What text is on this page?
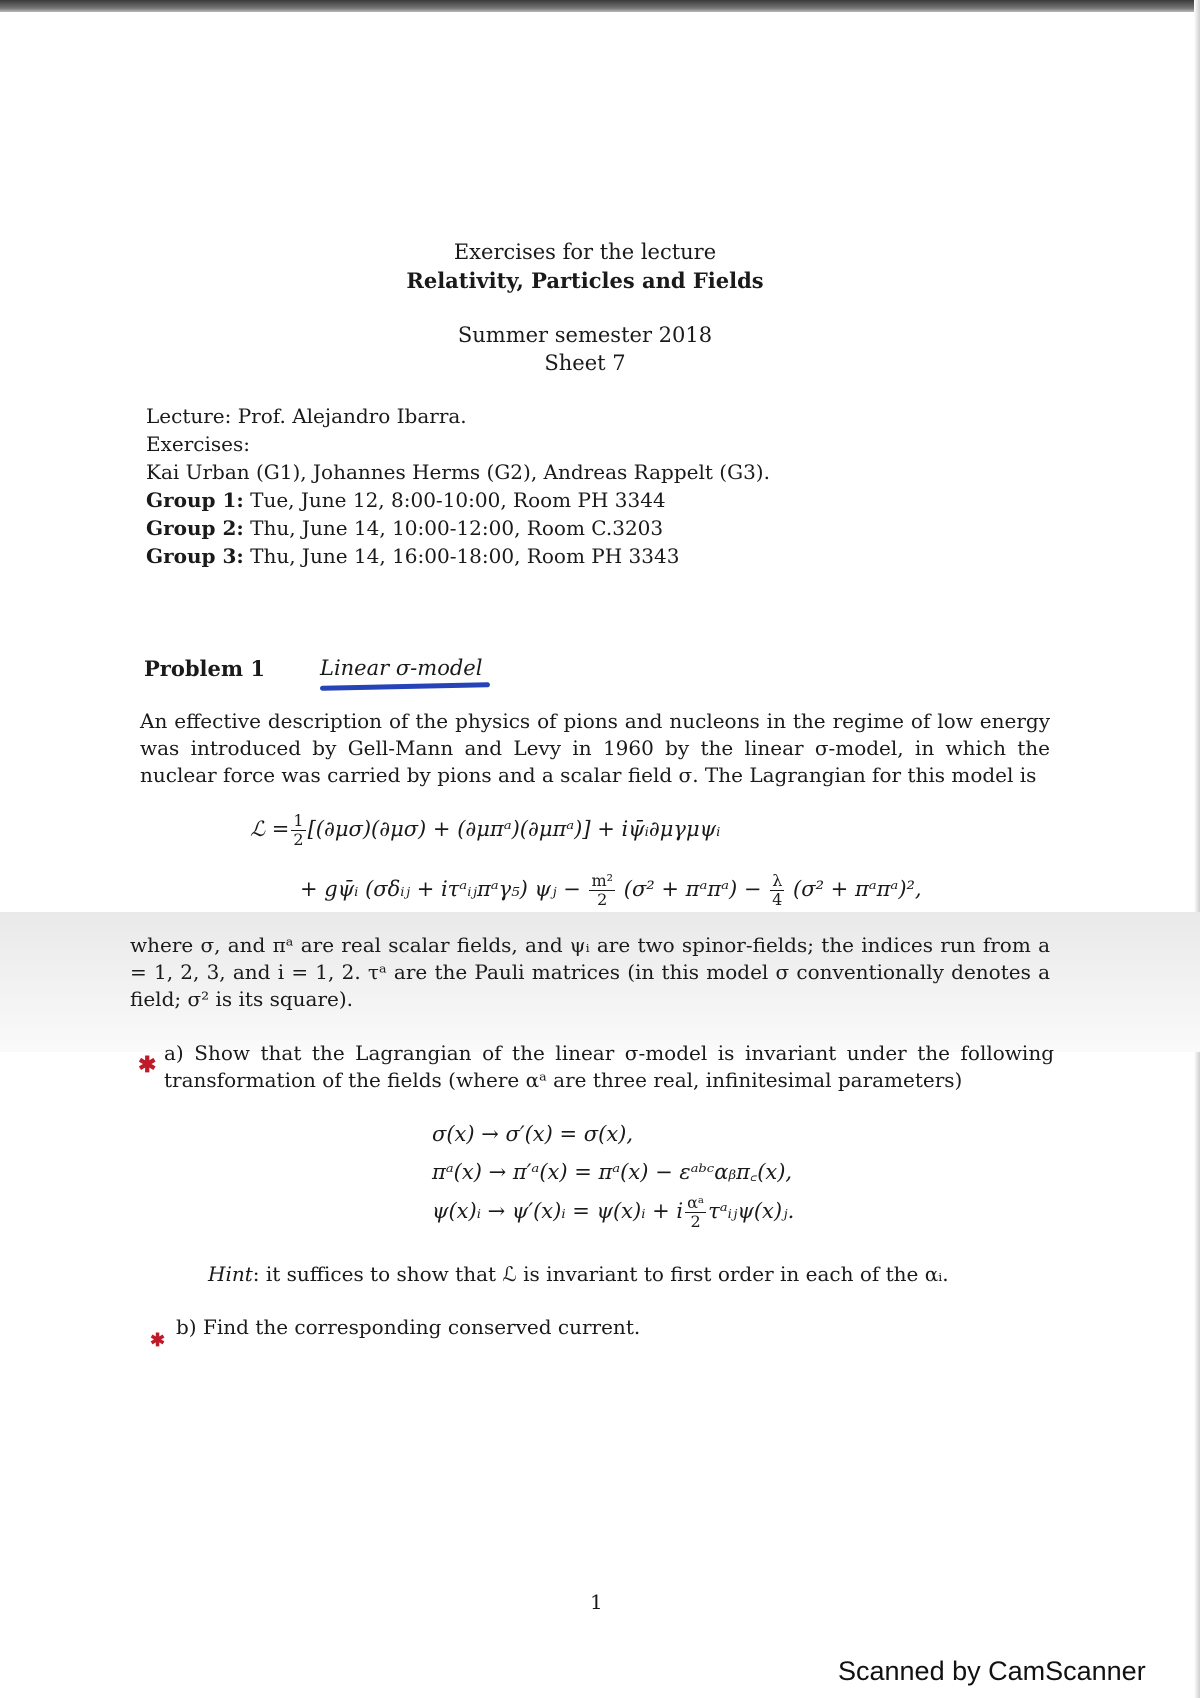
Exercises for the lecture
Relativity, Particles and Fields
Summer semester 2018
Sheet 7
Lecture: Prof. Alejandro Ibarra.
Exercises:
Kai Urban (G1), Johannes Herms (G2), Andreas Rappelt (G3).
Group 1: Tue, June 12, 8:00-10:00, Room PH 3344
Group 2: Thu, June 14, 10:00-12:00, Room C.3203
Group 3: Thu, June 14, 16:00-18:00, Room PH 3343
Problem 1	Linear σ-model
An effective description of the physics of pions and nucleons in the regime of low energy was introduced by Gell-Mann and Levy in 1960 by the linear σ-model, in which the nuclear force was carried by pions and a scalar field σ. The Lagrangian for this model is
ℒ = $\frac{1}{2} [(\partial\mu\sigma)(\partial\mu\sigma)$ + (∂μπᵃ)(∂μπᵃ)] + iψ̄ᵢ∂μγμψᵢ
+ gψ̄ᵢ (σδᵢⱼ + iτᵃᵢⱼπᵃγ₅) ψⱼ − $\frac{\text{m²}}{2} (\sigma^2$ + πᵃπᵃ) − $\frac{\lambda}{4} (\sigma^2$ + πᵃπᵃ)²,
where σ, and πᵃ are real scalar fields, and ψᵢ are two spinor-fields; the indices run from a = 1, 2, 3, and i = 1, 2. τᵃ are the Pauli matrices (in this model σ conventionally denotes a field; σ² is its square).
✱ a) Show that the Lagrangian of the linear σ-model is invariant under the following transformation of the fields (where αᵃ are three real, infinitesimal parameters)
σ(x) → σ′(x) = σ(x),
πᵃ(x) → π′ᵃ(x) = πᵃ(x) − εᵃᵇᶜαᵦπ꜀(x),
ψ(x)ᵢ → ψ′(x)ᵢ = ψ(x)ᵢ + i $\frac{\text{αᵃ}}{2}$ τᵃᵢⱼψ(x)ⱼ.
Hint: it suffices to show that ℒ is invariant to first order in each of the αᵢ.
✱
b) Find the corresponding conserved current.
1
Scanned by CamScanner
